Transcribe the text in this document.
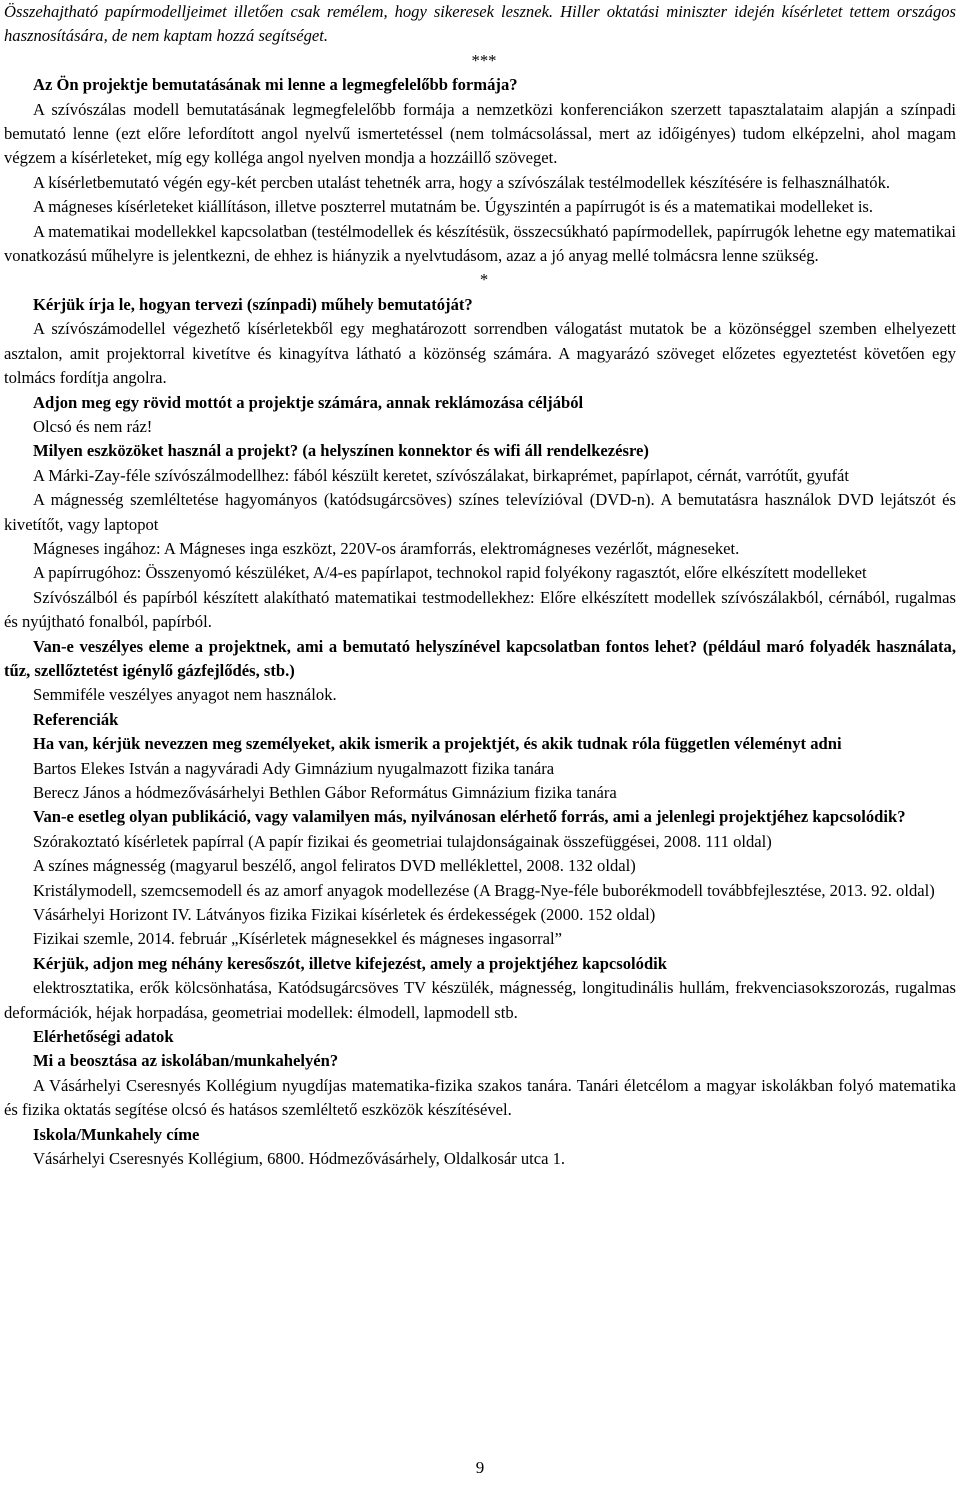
Összehajtható papírmodelljeimet illetően csak remélem, hogy sikeresek lesznek. Hiller oktatási miniszter idején kísérletet tettem országos hasznosítására, de nem kaptam hozzá segítséget.

***

Az Ön projektje bemutatásának mi lenne a legmegfelelőbb formája?

A szívószálas modell bemutatásának legmegfelelőbb formája a nemzetközi konferenciákon szerzett tapasztalataim alapján a színpadi bemutató lenne (ezt előre lefordított angol nyelvű ismertetéssel (nem tolmácsolással, mert az időigényes) tudom elképzelni, ahol magam végzem a kísérleteket, míg egy kolléga angol nyelven mondja a hozzáillő szöveget.

A kísérletbemutató végén egy-két percben utalást tehetnék arra, hogy a szívószálak testélmodellek készítésére is felhasználhatók.

A mágneses kísérleteket kiállításon, illetve poszterrel mutatnám be. Úgyszintén a papírrugót is és a matematikai modelleket is.

A matematikai modellekkel kapcsolatban (testélmodellek és készítésük, összecsúkható papírmodellek, papírrugók lehetne egy matematikai vonatkozású műhelyre is jelentkezni, de ehhez is hiányzik a nyelvtudásom, azaz a jó anyag mellé tolmácsra lenne szükség.

*

Kérjük írja le, hogyan tervezi (színpadi) műhely bemutatóját?

A szívószámodellel végezhető kísérletekből egy meghatározott sorrendben válogatást mutatok be a közönséggel szemben elhelyezett asztalon, amit projektorral kivetítve és kinagyítva látható a közönség számára. A magyarázó szöveget előzetes egyeztetést követően egy tolmács fordítja angolra.

Adjon meg egy rövid mottót a projektje számára, annak reklámozása céljából

Olcsó és nem ráz!

Milyen eszközöket használ a projekt? (a helyszínen konnektor és wifi áll rendelkezésre)

A Márki-Zay-féle szívószálmodellhez: fából készült keretet, szívószálakat, birkaprémet, papírlapot, cérnát, varrótűt, gyufát

A mágnesség szemléltetése hagyományos (katódsugárcsöves) színes televízióval (DVD-n). A bemutatásra használok DVD lejátszót és kivetítőt, vagy laptopot

Mágneses ingához: A Mágneses inga eszközt, 220V-os áramforrás, elektromágneses vezérlőt, mágneseket.

A papírrugóhoz: Összenyomó készüléket, A/4-es papírlapot, technokol rapid folyékony ragasztót, előre elkészített modelleket

Szívószálból és papírból készített alakítható matematikai testmodellekhez: Előre elkészített modellek szívószálakból, cérnából, rugalmas és nyújtható fonalból, papírból.

Van-e veszélyes eleme a projektnek, ami a bemutató helyszínével kapcsolatban fontos lehet? (például maró folyadék használata, tűz, szellőztetést igénylő gázfejlődés, stb.)

Semmiféle veszélyes anyagot nem használok.

Referenciák

Ha van, kérjük nevezzen meg személyeket, akik ismerik a projektjét, és akik tudnak róla független véleményt adni

Bartos Elekes István a nagyváradi Ady Gimnázium nyugalmazott fizika tanára

Berecz János a hódmezővásárhelyi Bethlen Gábor Református Gimnázium fizika tanára

Van-e esetleg olyan publikáció, vagy valamilyen más, nyilvánosan elérhető forrás, ami a jelenlegi projektjéhez kapcsolódik?

Szórakoztató kísérletek papírral (A papír fizikai és geometriai tulajdonságainak összefüggései, 2008. 111 oldal)

A színes mágnesség (magyarul beszélő, angol feliratos DVD melléklettel, 2008. 132 oldal)

Kristálymodell, szemcsemodell és az amorf anyagok modellezése (A Bragg-Nye-féle buborékmodell továbbfejlesztése, 2013. 92. oldal)

Vásárhelyi Horizont IV. Látványos fizika Fizikai kísérletek és érdekességek (2000. 152 oldal)

Fizikai szemle, 2014. február „Kísérletek mágnesekkel és mágneses ingasorral”

Kérjük, adjon meg néhány keresőszót, illetve kifejezést, amely a projektjéhez kapcsolódik

elektrosztatika, erők kölcsönhatása, Katódsugárcsöves TV készülék, mágnesség, longitudinális hullám, frekvenciasokszorozás, rugalmas deformációk, héjak horpadása, geometriai modellek: élmodell, lapmodell stb.

Elérhetőségi adatok

Mi a beosztása az iskolában/munkahelyén?

A Vásárhelyi Cseresnyés Kollégium nyugdíjas matematika-fizika szakos tanára. Tanári életcélom a magyar iskolákban folyó matematika és fizika oktatás segítése olcsó és hatásos szemléltető eszközök készítésével.

Iskola/Munkahely címe

Vásárhelyi Cseresnyés Kollégium, 6800. Hódmezővásárhely, Oldalkosár utca 1.

9
